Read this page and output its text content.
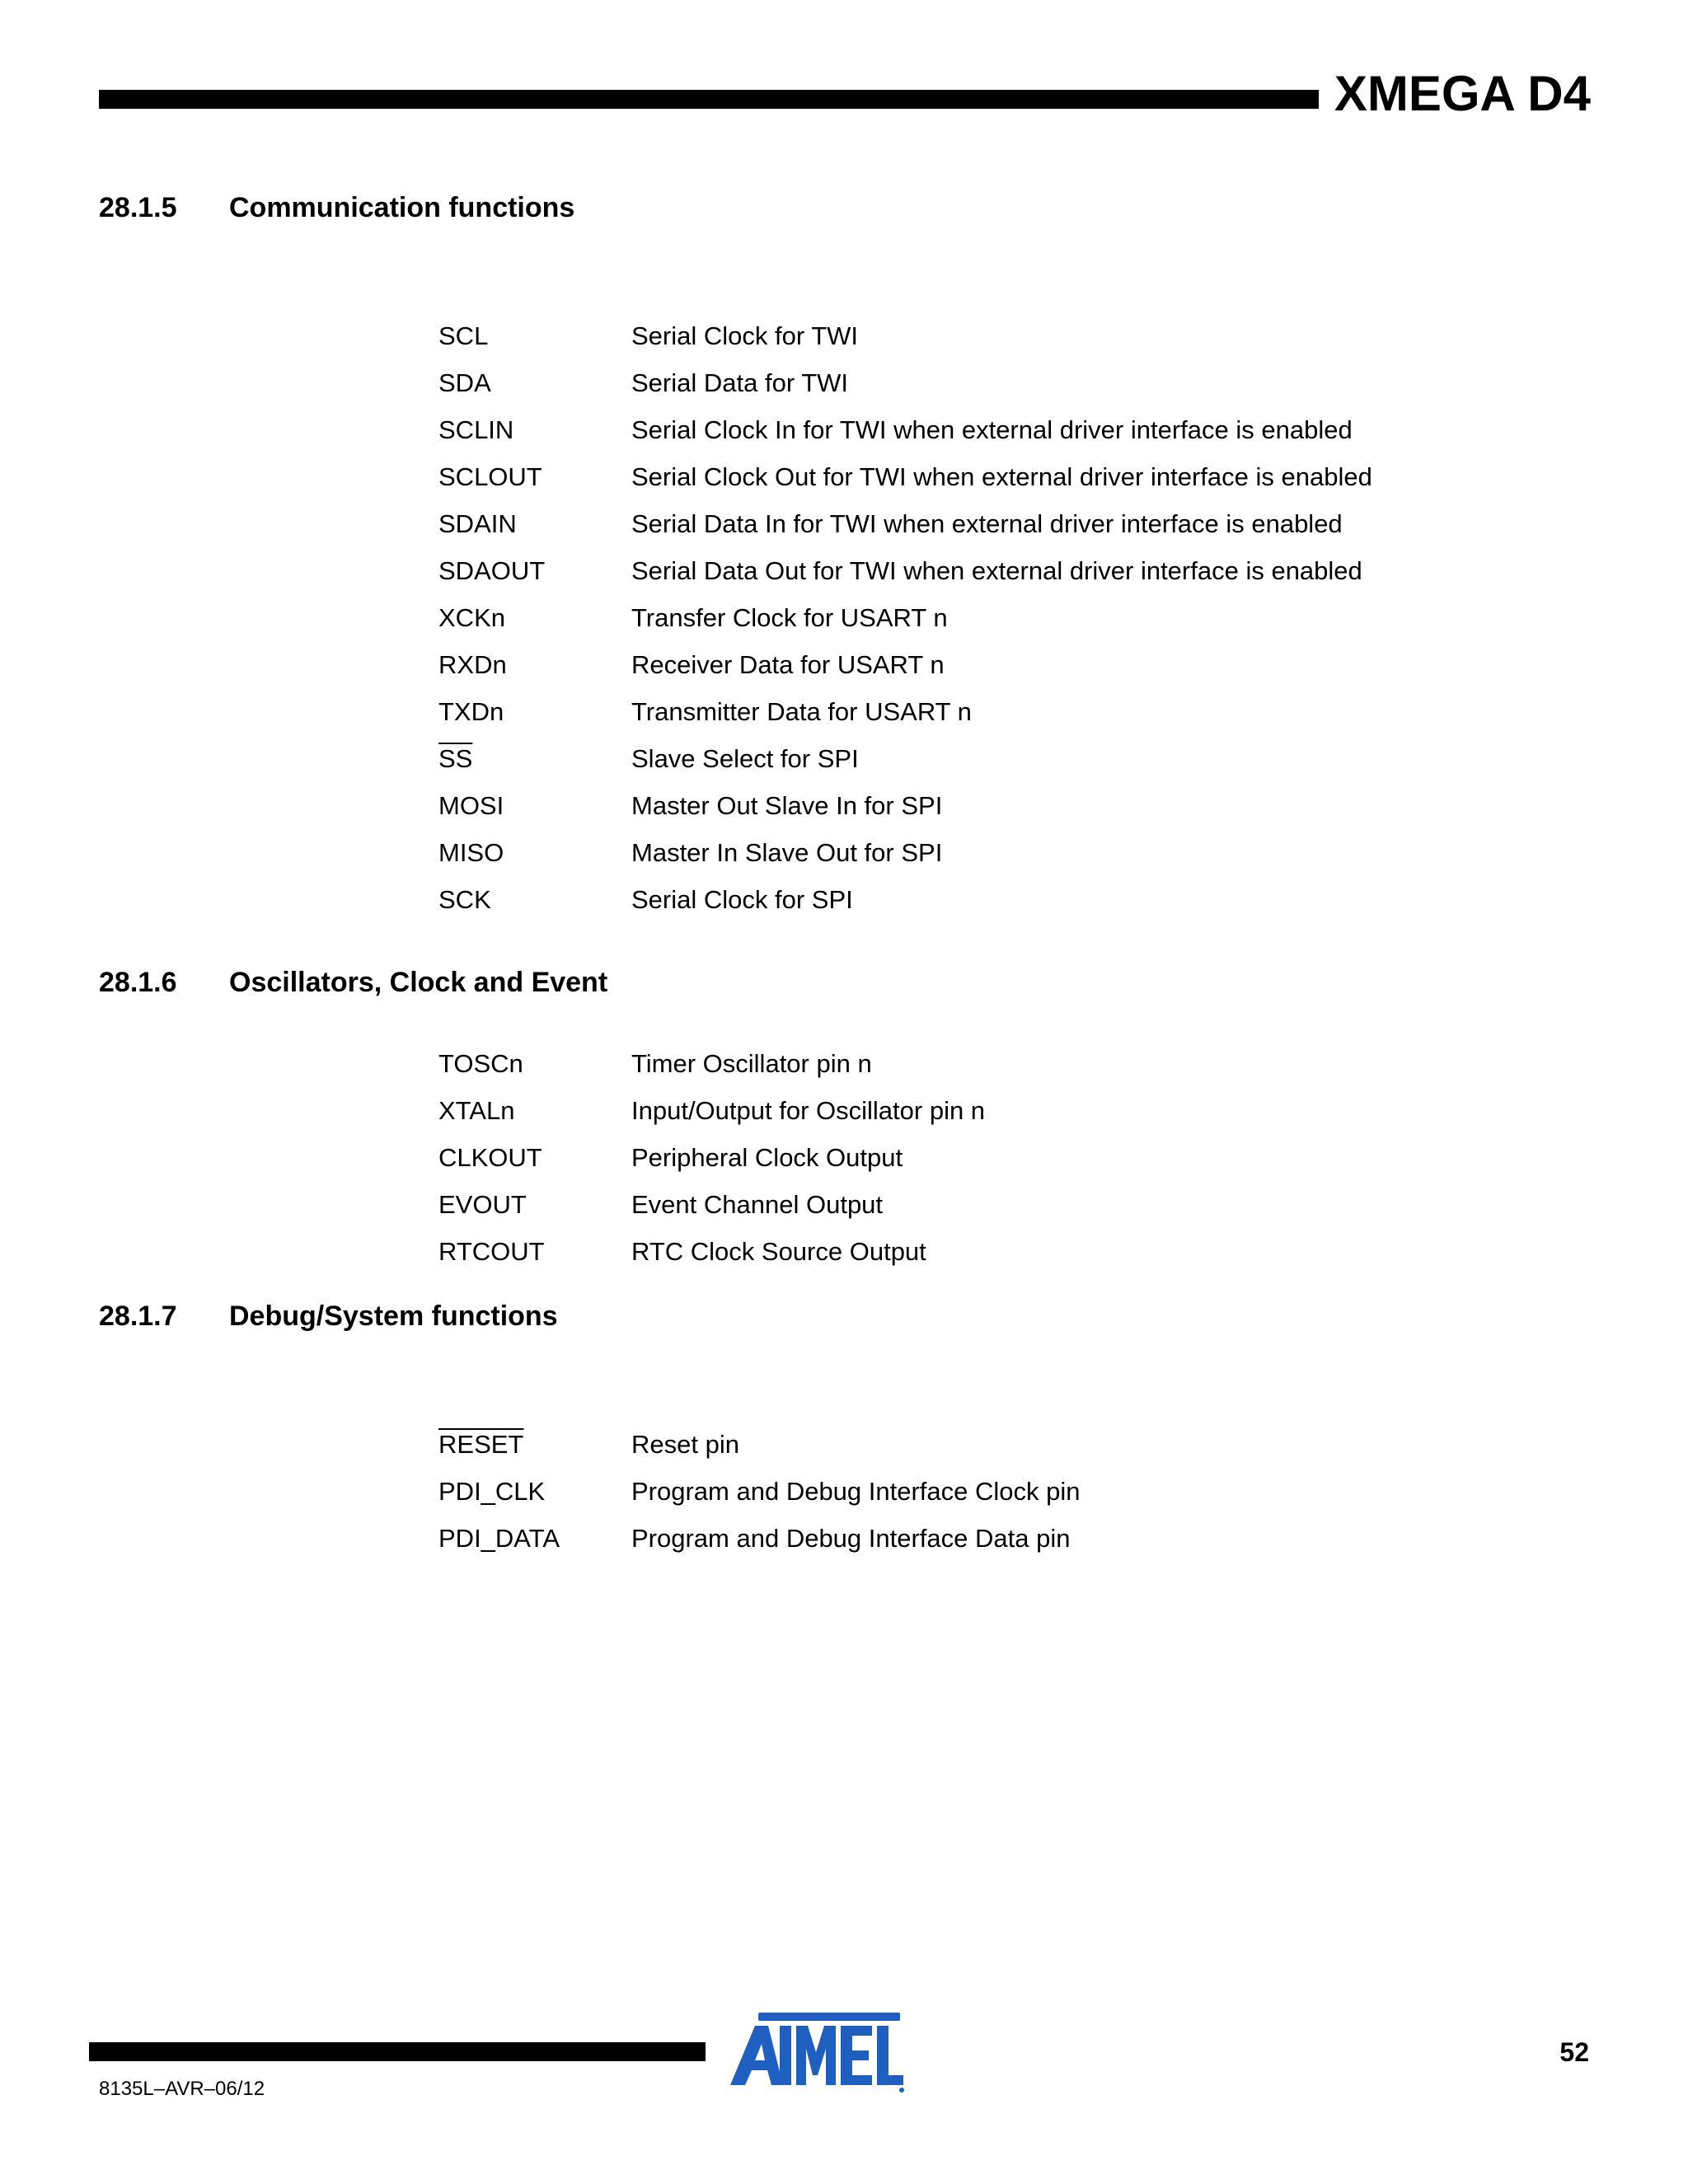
XMEGA D4
28.1.5 Communication functions
SCL	Serial Clock for TWI
SDA	Serial Data for TWI
SCLIN	Serial Clock In for TWI when external driver interface is enabled
SCLOUT	Serial Clock Out for TWI when external driver interface is enabled
SDAIN	Serial Data In for TWI when external driver interface is enabled
SDAOUT	Serial Data Out for TWI when external driver interface is enabled
XCKn	Transfer Clock for USART n
RXDn	Receiver Data for USART n
TXDn	Transmitter Data for USART n
$\overline{SS}$	Slave Select for SPI
MOSI	Master Out Slave In for SPI
MISO	Master In Slave Out for SPI
SCK	Serial Clock for SPI
28.1.6 Oscillators, Clock and Event
TOSCn	Timer Oscillator pin n
XTALn	Input/Output for Oscillator pin n
CLKOUT	Peripheral Clock Output
EVOUT	Event Channel Output
RTCOUT	RTC Clock Source Output
28.1.7 Debug/System functions
RESET	Reset pin
PDI_CLK	Program and Debug Interface Clock pin
PDI_DATA	Program and Debug Interface Data pin
8135L–AVR–06/12
52
